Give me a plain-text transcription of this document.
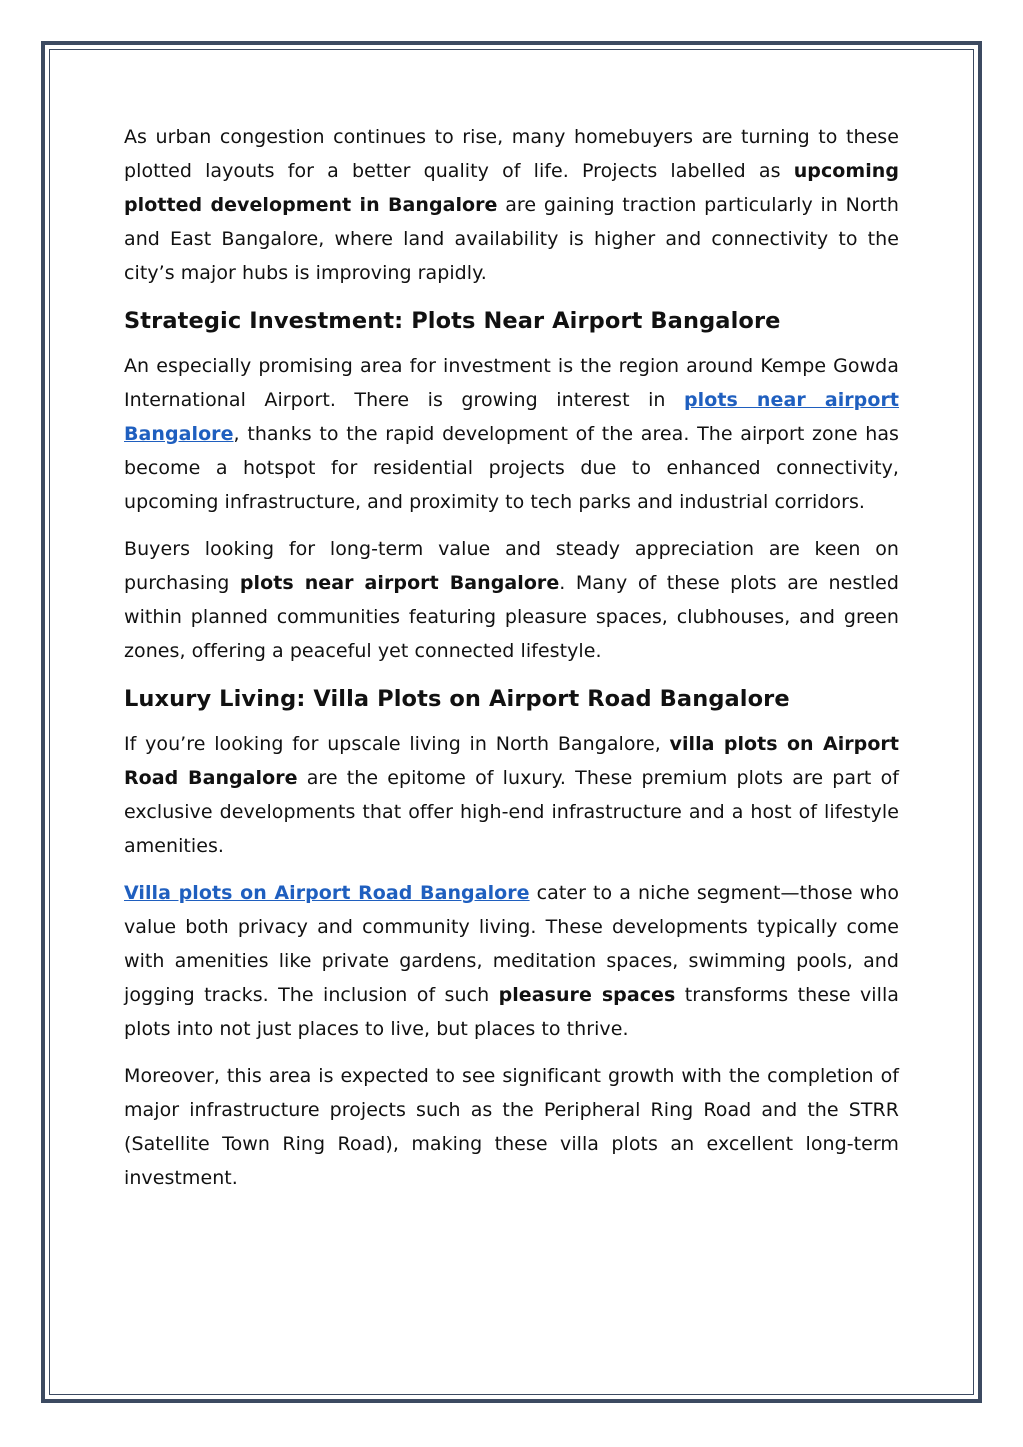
As urban congestion continues to rise, many homebuyers are turning to these plotted layouts for a better quality of life. Projects labelled as upcoming plotted development in Bangalore are gaining traction particularly in North and East Bangalore, where land availability is higher and connectivity to the city’s major hubs is improving rapidly.

Strategic Investment: Plots Near Airport Bangalore

An especially promising area for investment is the region around Kempe Gowda International Airport. There is growing interest in plots near airport Bangalore, thanks to the rapid development of the area. The airport zone has become a hotspot for residential projects due to enhanced connectivity, upcoming infrastructure, and proximity to tech parks and industrial corridors.

Buyers looking for long-term value and steady appreciation are keen on purchasing plots near airport Bangalore. Many of these plots are nestled within planned communities featuring pleasure spaces, clubhouses, and green zones, offering a peaceful yet connected lifestyle.

Luxury Living: Villa Plots on Airport Road Bangalore

If you’re looking for upscale living in North Bangalore, villa plots on Airport Road Bangalore are the epitome of luxury. These premium plots are part of exclusive developments that offer high-end infrastructure and a host of lifestyle amenities.

Villa plots on Airport Road Bangalore cater to a niche segment—those who value both privacy and community living. These developments typically come with amenities like private gardens, meditation spaces, swimming pools, and jogging tracks. The inclusion of such pleasure spaces transforms these villa plots into not just places to live, but places to thrive.

Moreover, this area is expected to see significant growth with the completion of major infrastructure projects such as the Peripheral Ring Road and the STRR (Satellite Town Ring Road), making these villa plots an excellent long-term investment.
